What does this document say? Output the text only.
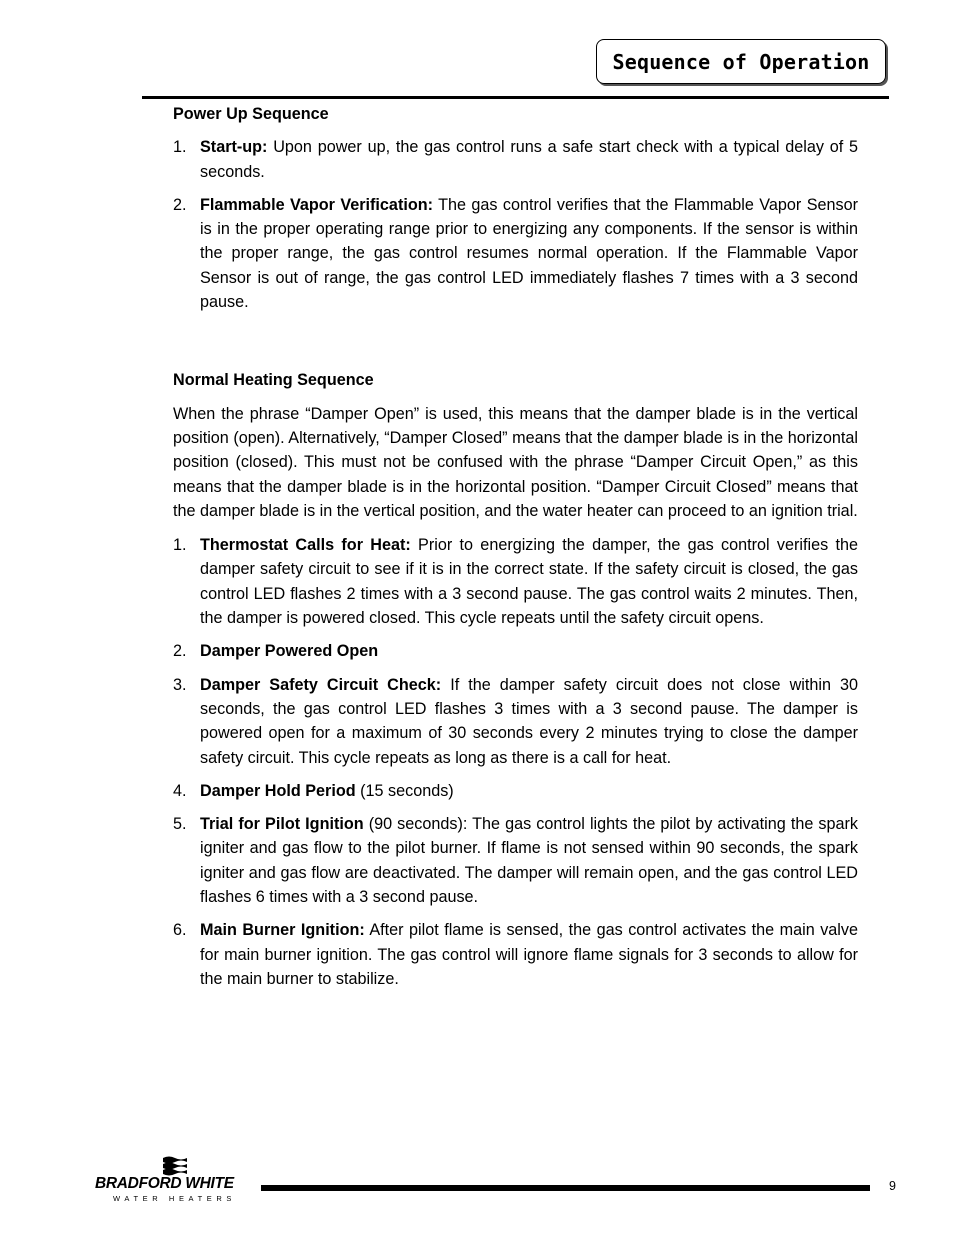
Sequence of Operation

Power Up Sequence

1. Start-up: Upon power up, the gas control runs a safe start check with a typical delay of 5 seconds.
2. Flammable Vapor Verification: The gas control verifies that the Flammable Vapor Sensor is in the proper operating range prior to energizing any components. If the sensor is within the proper range, the gas control resumes normal operation. If the Flammable Vapor Sensor is out of range, the gas control LED immediately flashes 7 times with a 3 second pause.

Normal Heating Sequence

When the phrase “Damper Open” is used, this means that the damper blade is in the vertical position (open). Alternatively, “Damper Closed” means that the damper blade is in the horizontal position (closed). This must not be confused with the phrase “Damper Circuit Open,” as this means that the damper blade is in the horizontal position. “Damper Circuit Closed” means that the damper blade is in the vertical position, and the water heater can proceed to an ignition trial.

1. Thermostat Calls for Heat: Prior to energizing the damper, the gas control verifies the damper safety circuit to see if it is in the correct state. If the safety circuit is closed, the gas control LED flashes 2 times with a 3 second pause. The gas control waits 2 minutes. Then, the damper is powered closed. This cycle repeats until the safety circuit opens.
2. Damper Powered Open
3. Damper Safety Circuit Check: If the damper safety circuit does not close within 30 seconds, the gas control LED flashes 3 times with a 3 second pause. The damper is powered open for a maximum of 30 seconds every 2 minutes trying to close the damper safety circuit. This cycle repeats as long as there is a call for heat.
4. Damper Hold Period (15 seconds)
5. Trial for Pilot Ignition (90 seconds): The gas control lights the pilot by activating the spark igniter and gas flow to the pilot burner. If flame is not sensed within 90 seconds, the spark igniter and gas flow are deactivated. The damper will remain open, and the gas control LED flashes 6 times with a 3 second pause.
6. Main Burner Ignition: After pilot flame is sensed, the gas control activates the main valve for main burner ignition. The gas control will ignore flame signals for 3 seconds to allow for the main burner to stabilize.
BRADFORD WHITE
WATER HEATERS
9
